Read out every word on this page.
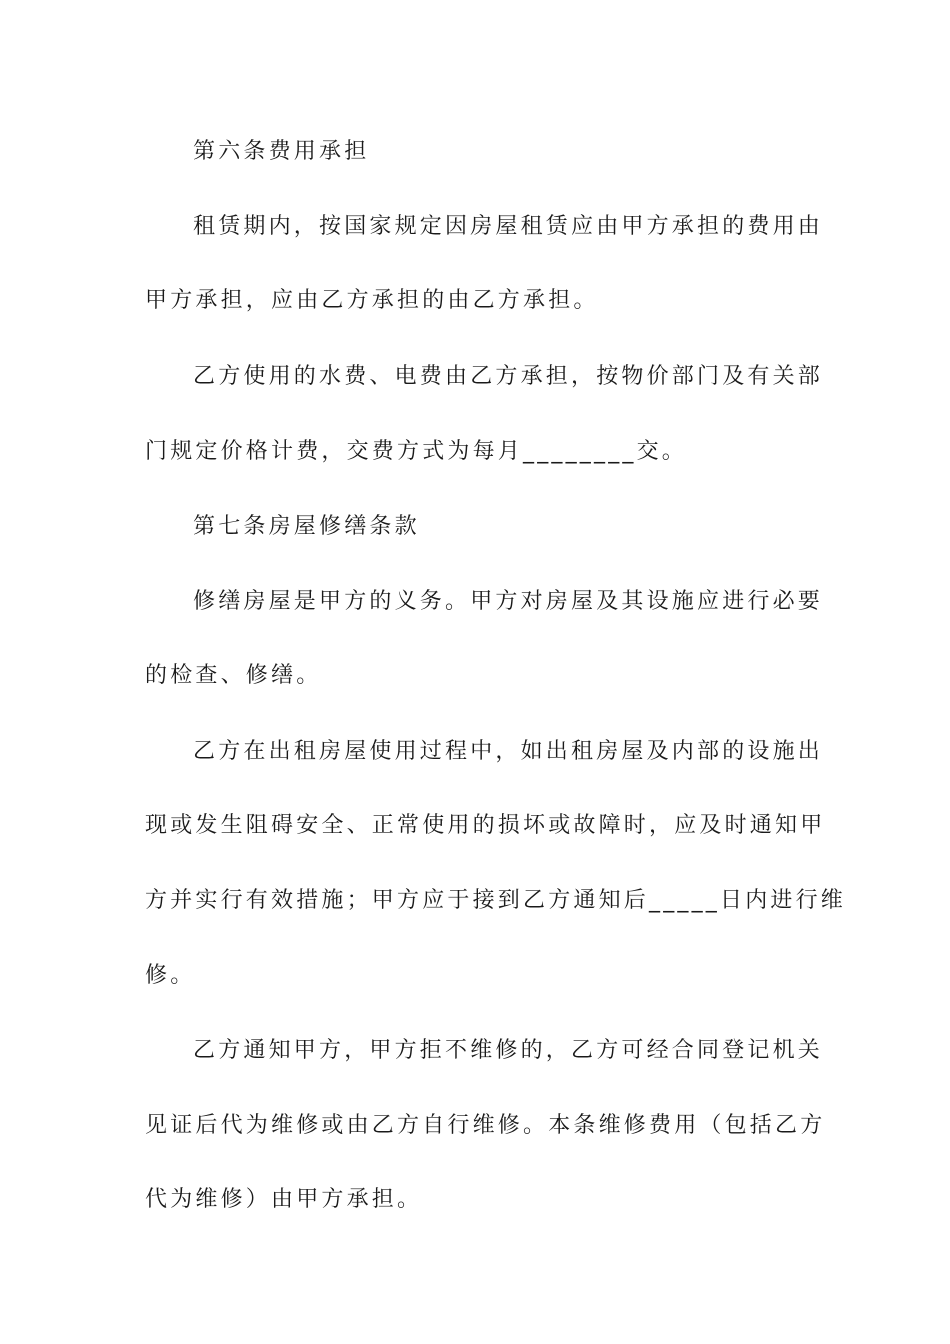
第六条费用承担

租赁期内，按国家规定因房屋租赁应由甲方承担的费用由

甲方承担，应由乙方承担的由乙方承担。

乙方使用的水费、电费由乙方承担，按物价部门及有关部

门规定价格计费，交费方式为每月________交。

第七条房屋修缮条款

修缮房屋是甲方的义务。甲方对房屋及其设施应进行必要

的检查、修缮。

乙方在出租房屋使用过程中，如出租房屋及内部的设施出

现或发生阻碍安全、正常使用的损坏或故障时，应及时通知甲

方并实行有效措施；甲方应于接到乙方通知后_____日内进行维

修。

乙方通知甲方，甲方拒不维修的，乙方可经合同登记机关

见证后代为维修或由乙方自行维修。本条维修费用（包括乙方

代为维修）由甲方承担。
